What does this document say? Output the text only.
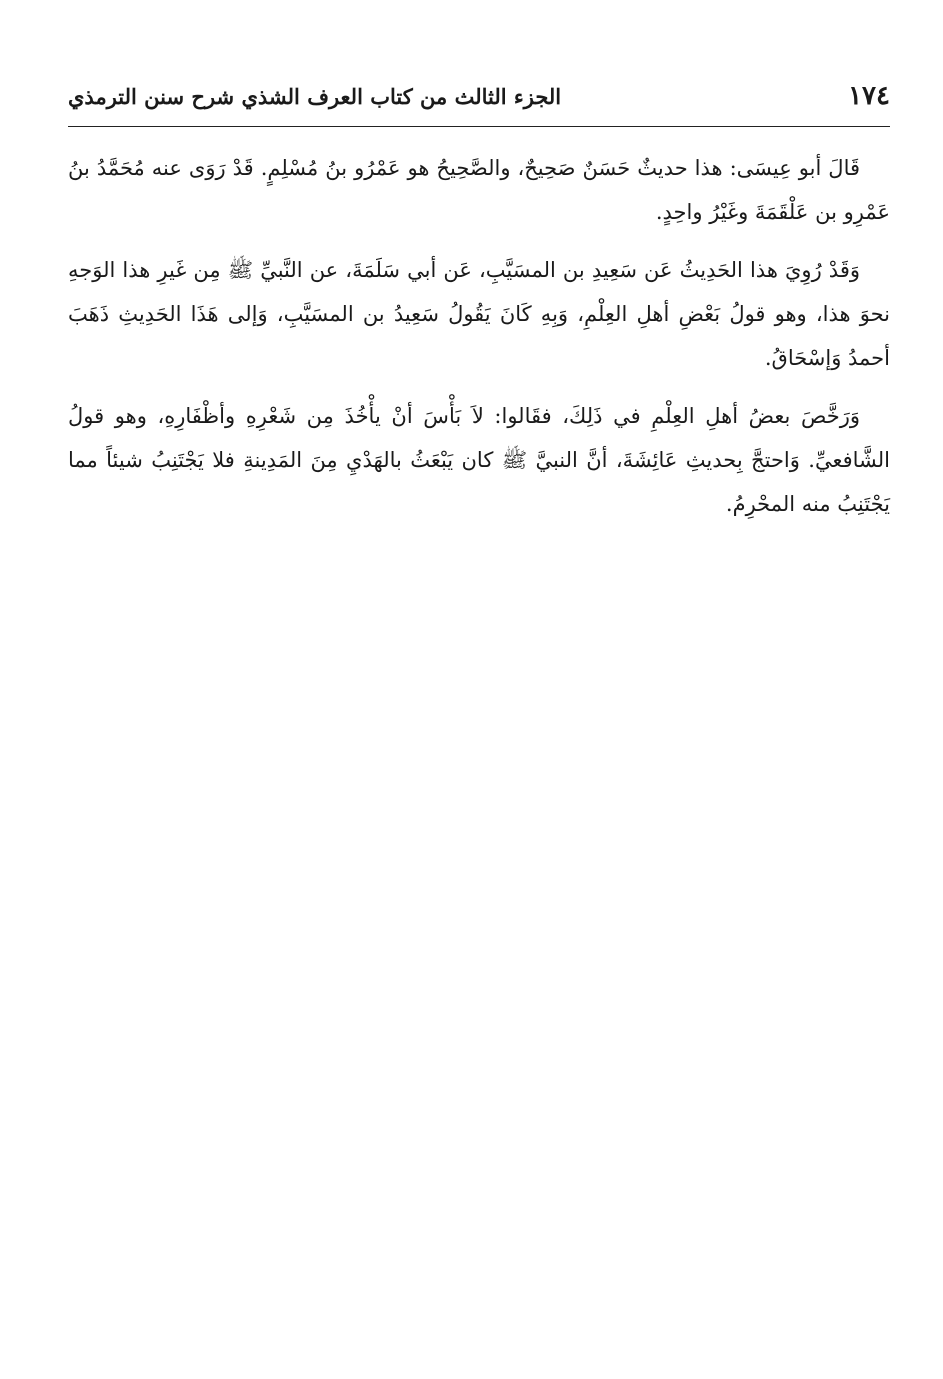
١٧٤
الجزء الثالث من كتاب العرف الشذي شرح سنن الترمذي

قَالَ أبو عِيسَى: هذا حديثٌ حَسَنٌ صَحِيحٌ، والصَّحِيحُ هو عَمْرُو بنُ مُسْلِمٍ. قَدْ رَوَى عنه مُحَمَّدُ بنُ عَمْرِو بن عَلْقَمَةَ وغَيْرُ واحِدٍ.

وَقَدْ رُوِيَ هذا الحَدِيثُ عَن سَعِيدِ بن المسَيَّبِ، عَن أبي سَلَمَةَ، عن النَّبيِّ ﷺ مِن غَيرِ هذا الوَجهِ نحوَ هذا، وهو قولُ بَعْضِ أهلِ العِلْمِ، وَبِهِ كَانَ يَقُولُ سَعِيدُ بن المسَيَّبِ، وَإلى هَذَا الحَدِيثِ ذَهَبَ أحمدُ وَإسْحَاقُ.

وَرَخَّصَ بعضُ أهلِ العِلْمِ في ذَلِكَ، فقَالوا: لاَ بَأْسَ أنْ يأْخُذَ مِن شَعْرِهِ وأظْفَارِهِ، وهو قولُ الشَّافعيِّ. وَاحتجَّ بِحديثِ عَائِشَةَ، أنَّ النبيَّ ﷺ كان يَبْعَثُ بالهَدْيِ مِنَ المَدِينةِ فلا يَجْتَنِبُ شيئاً مما يَجْتَنِبُ منه المحْرِمُ.
